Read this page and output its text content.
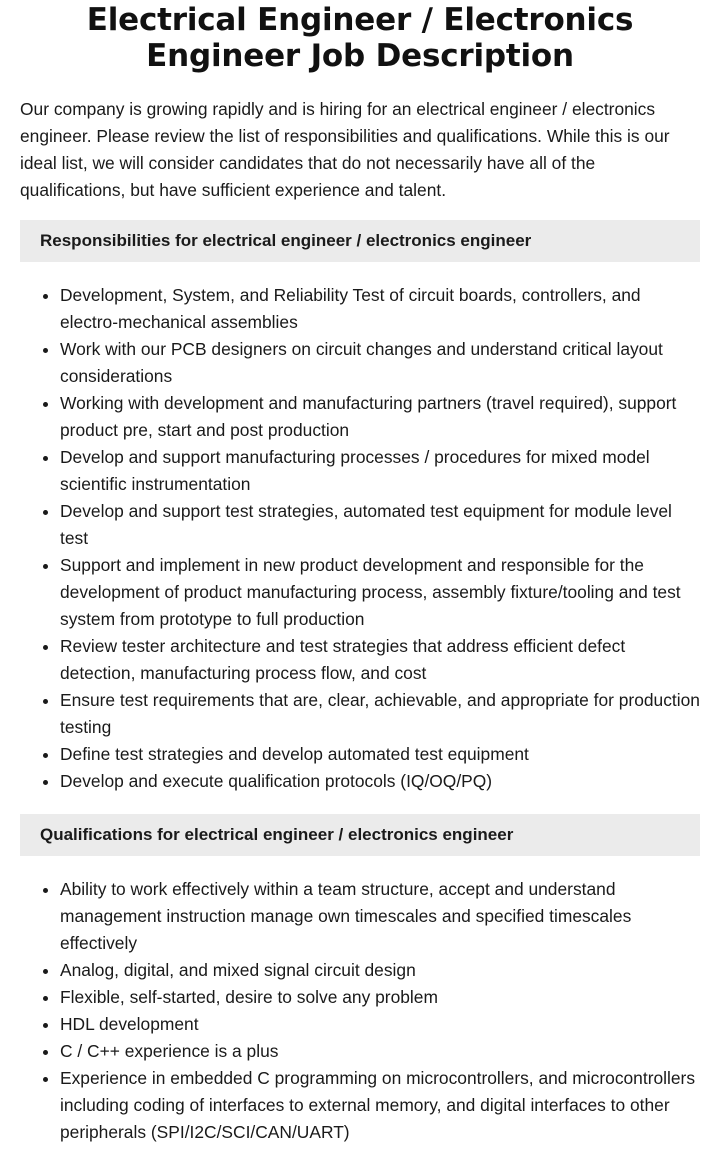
Electrical Engineer / Electronics Engineer Job Description

Our company is growing rapidly and is hiring for an electrical engineer / electronics engineer. Please review the list of responsibilities and qualifications. While this is our ideal list, we will consider candidates that do not necessarily have all of the qualifications, but have sufficient experience and talent.

Responsibilities for electrical engineer / electronics engineer
• Development, System, and Reliability Test of circuit boards, controllers, and electro-mechanical assemblies
• Work with our PCB designers on circuit changes and understand critical layout considerations
• Working with development and manufacturing partners (travel required), support product pre, start and post production
• Develop and support manufacturing processes / procedures for mixed model scientific instrumentation
• Develop and support test strategies, automated test equipment for module level test
• Support and implement in new product development and responsible for the development of product manufacturing process, assembly fixture/tooling and test system from prototype to full production
• Review tester architecture and test strategies that address efficient defect detection, manufacturing process flow, and cost
• Ensure test requirements that are, clear, achievable, and appropriate for production testing
• Define test strategies and develop automated test equipment
• Develop and execute qualification protocols (IQ/OQ/PQ)
Qualifications for electrical engineer / electronics engineer
• Ability to work effectively within a team structure, accept and understand management instruction manage own timescales and specified timescales effectively
• Analog, digital, and mixed signal circuit design
• Flexible, self-started, desire to solve any problem
• HDL development
• C / C++ experience is a plus
• Experience in embedded C programming on microcontrollers, and microcontrollers including coding of interfaces to external memory, and digital interfaces to other peripherals (SPI/I2C/SCI/CAN/UART)
